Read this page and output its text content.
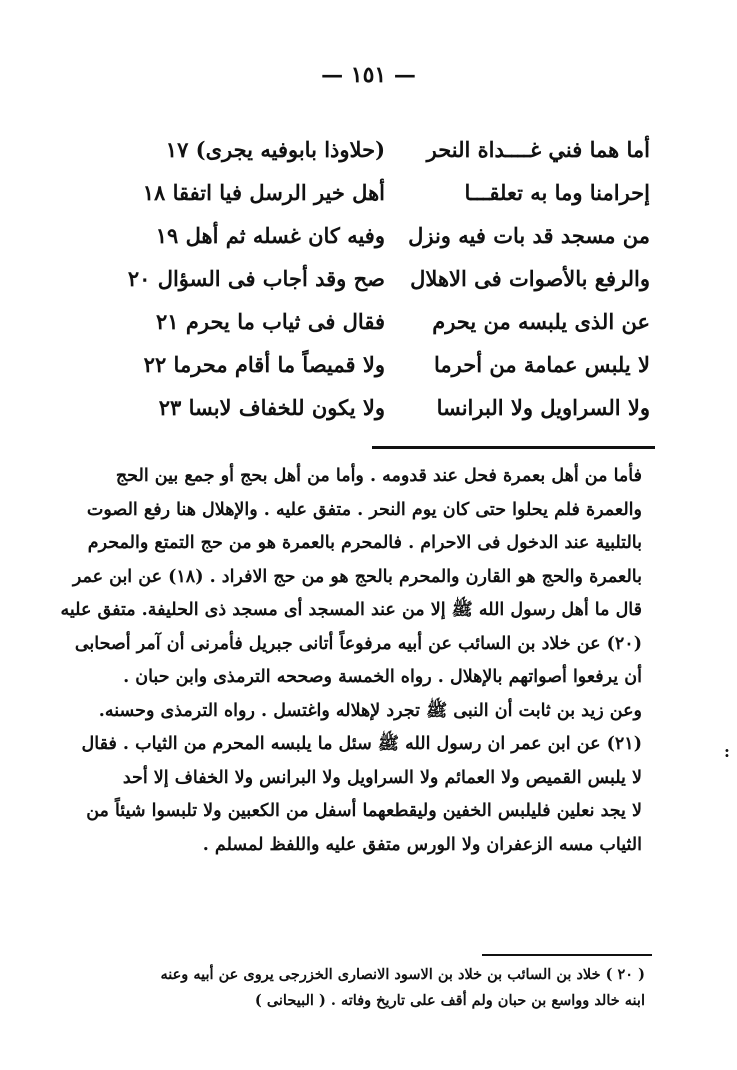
— ١٥١ —
أما هما فني غــــداة النحر
(حلاوذا بابوفيه يجرى) ١٧
إحرامنا وما به تعلقـــا
أهل خير الرسل فيا اتفقا ١٨
من مسجد قد بات فيه ونزل
وفيه كان غسله ثم أهل ١٩
والرفع بالأصوات فى الاهلال
صح وقد أجاب فى السؤال ٢٠
عن الذى يلبسه من يحرم
فقال فى ثياب ما يحرم ٢١
لا يلبس عمامة من أحرما
ولا قميصاً ما أقام محرما ٢٢
ولا السراويل ولا البرانسا
ولا يكون للخفاف لابسا ٢٣
فأما من أهل بعمرة فحل عند قدومه . وأما من أهل بحج أو جمع بين الحج
والعمرة فلم يحلوا حتى كان يوم النحر . متفق عليه . والإهلال هنا رفع الصوت
بالتلبية عند الدخول فى الاحرام . فالمحرم بالعمرة هو من حج التمتع والمحرم
بالعمرة والحج هو القارن والمحرم بالحج هو من حج الافراد . (١٨) عن ابن عمر
قال ما أهل رسول الله ﷺ إلا من عند المسجد أى مسجد ذى الحليفة. متفق عليه
(٢٠) عن خلاد بن السائب عن أبيه مرفوعاً أتانى جبريل فأمرنى أن آمر أصحابى
أن يرفعوا أصواتهم بالإهلال . رواه الخمسة وصححه الترمذى وابن حبان .
وعن زيد بن ثابت أن النبى ﷺ تجرد لإهلاله واغتسل . رواه الترمذى وحسنه.
(٢١) عن ابن عمر ان رسول الله ﷺ سئل ما يلبسه المحرم من الثياب . فقال
لا يلبس القميص ولا العمائم ولا السراويل ولا البرانس ولا الخفاف إلا أحد
لا يجد نعلين فليلبس الخفين وليقطعهما أسفل من الكعبين ولا تلبسوا شيئاً من
الثياب مسه الزعفران ولا الورس متفق عليه واللفظ لمسلم .
( ٢٠ ) خلاد بن السائب بن خلاد بن الاسود الانصارى الخزرجى يروى عن أبيه وعنه
ابنه خالد وواسع بن حبان ولم أقف على تاريخ وفاته . ( البيحانى )
:
